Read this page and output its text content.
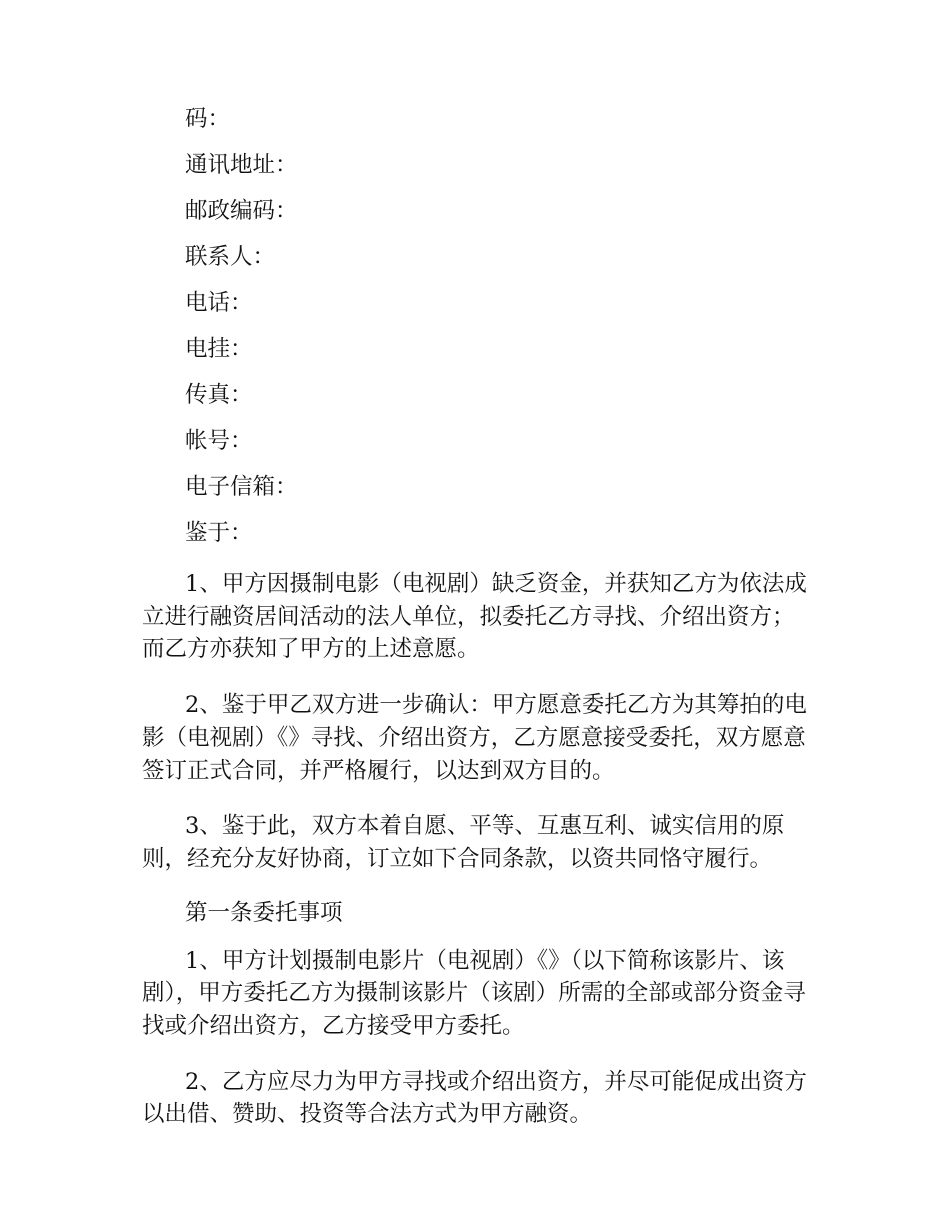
码：

通讯地址：

邮政编码：

联系人：

电话：

电挂：

传真：

帐号：

电子信箱：

鉴于：

1、甲方因摄制电影（电视剧）缺乏资金，并获知乙方为依法成立进行融资居间活动的法人单位，拟委托乙方寻找、介绍出资方；而乙方亦获知了甲方的上述意愿。

2、鉴于甲乙双方进一步确认：甲方愿意委托乙方为其筹拍的电影（电视剧）《》寻找、介绍出资方，乙方愿意接受委托，双方愿意签订正式合同，并严格履行，以达到双方目的。

3、鉴于此，双方本着自愿、平等、互惠互利、诚实信用的原则，经充分友好协商，订立如下合同条款，以资共同恪守履行。

第一条委托事项

1、甲方计划摄制电影片（电视剧）《》（以下简称该影片、该剧），甲方委托乙方为摄制该影片（该剧）所需的全部或部分资金寻找或介绍出资方，乙方接受甲方委托。

2、乙方应尽力为甲方寻找或介绍出资方，并尽可能促成出资方以出借、赞助、投资等合法方式为甲方融资。
